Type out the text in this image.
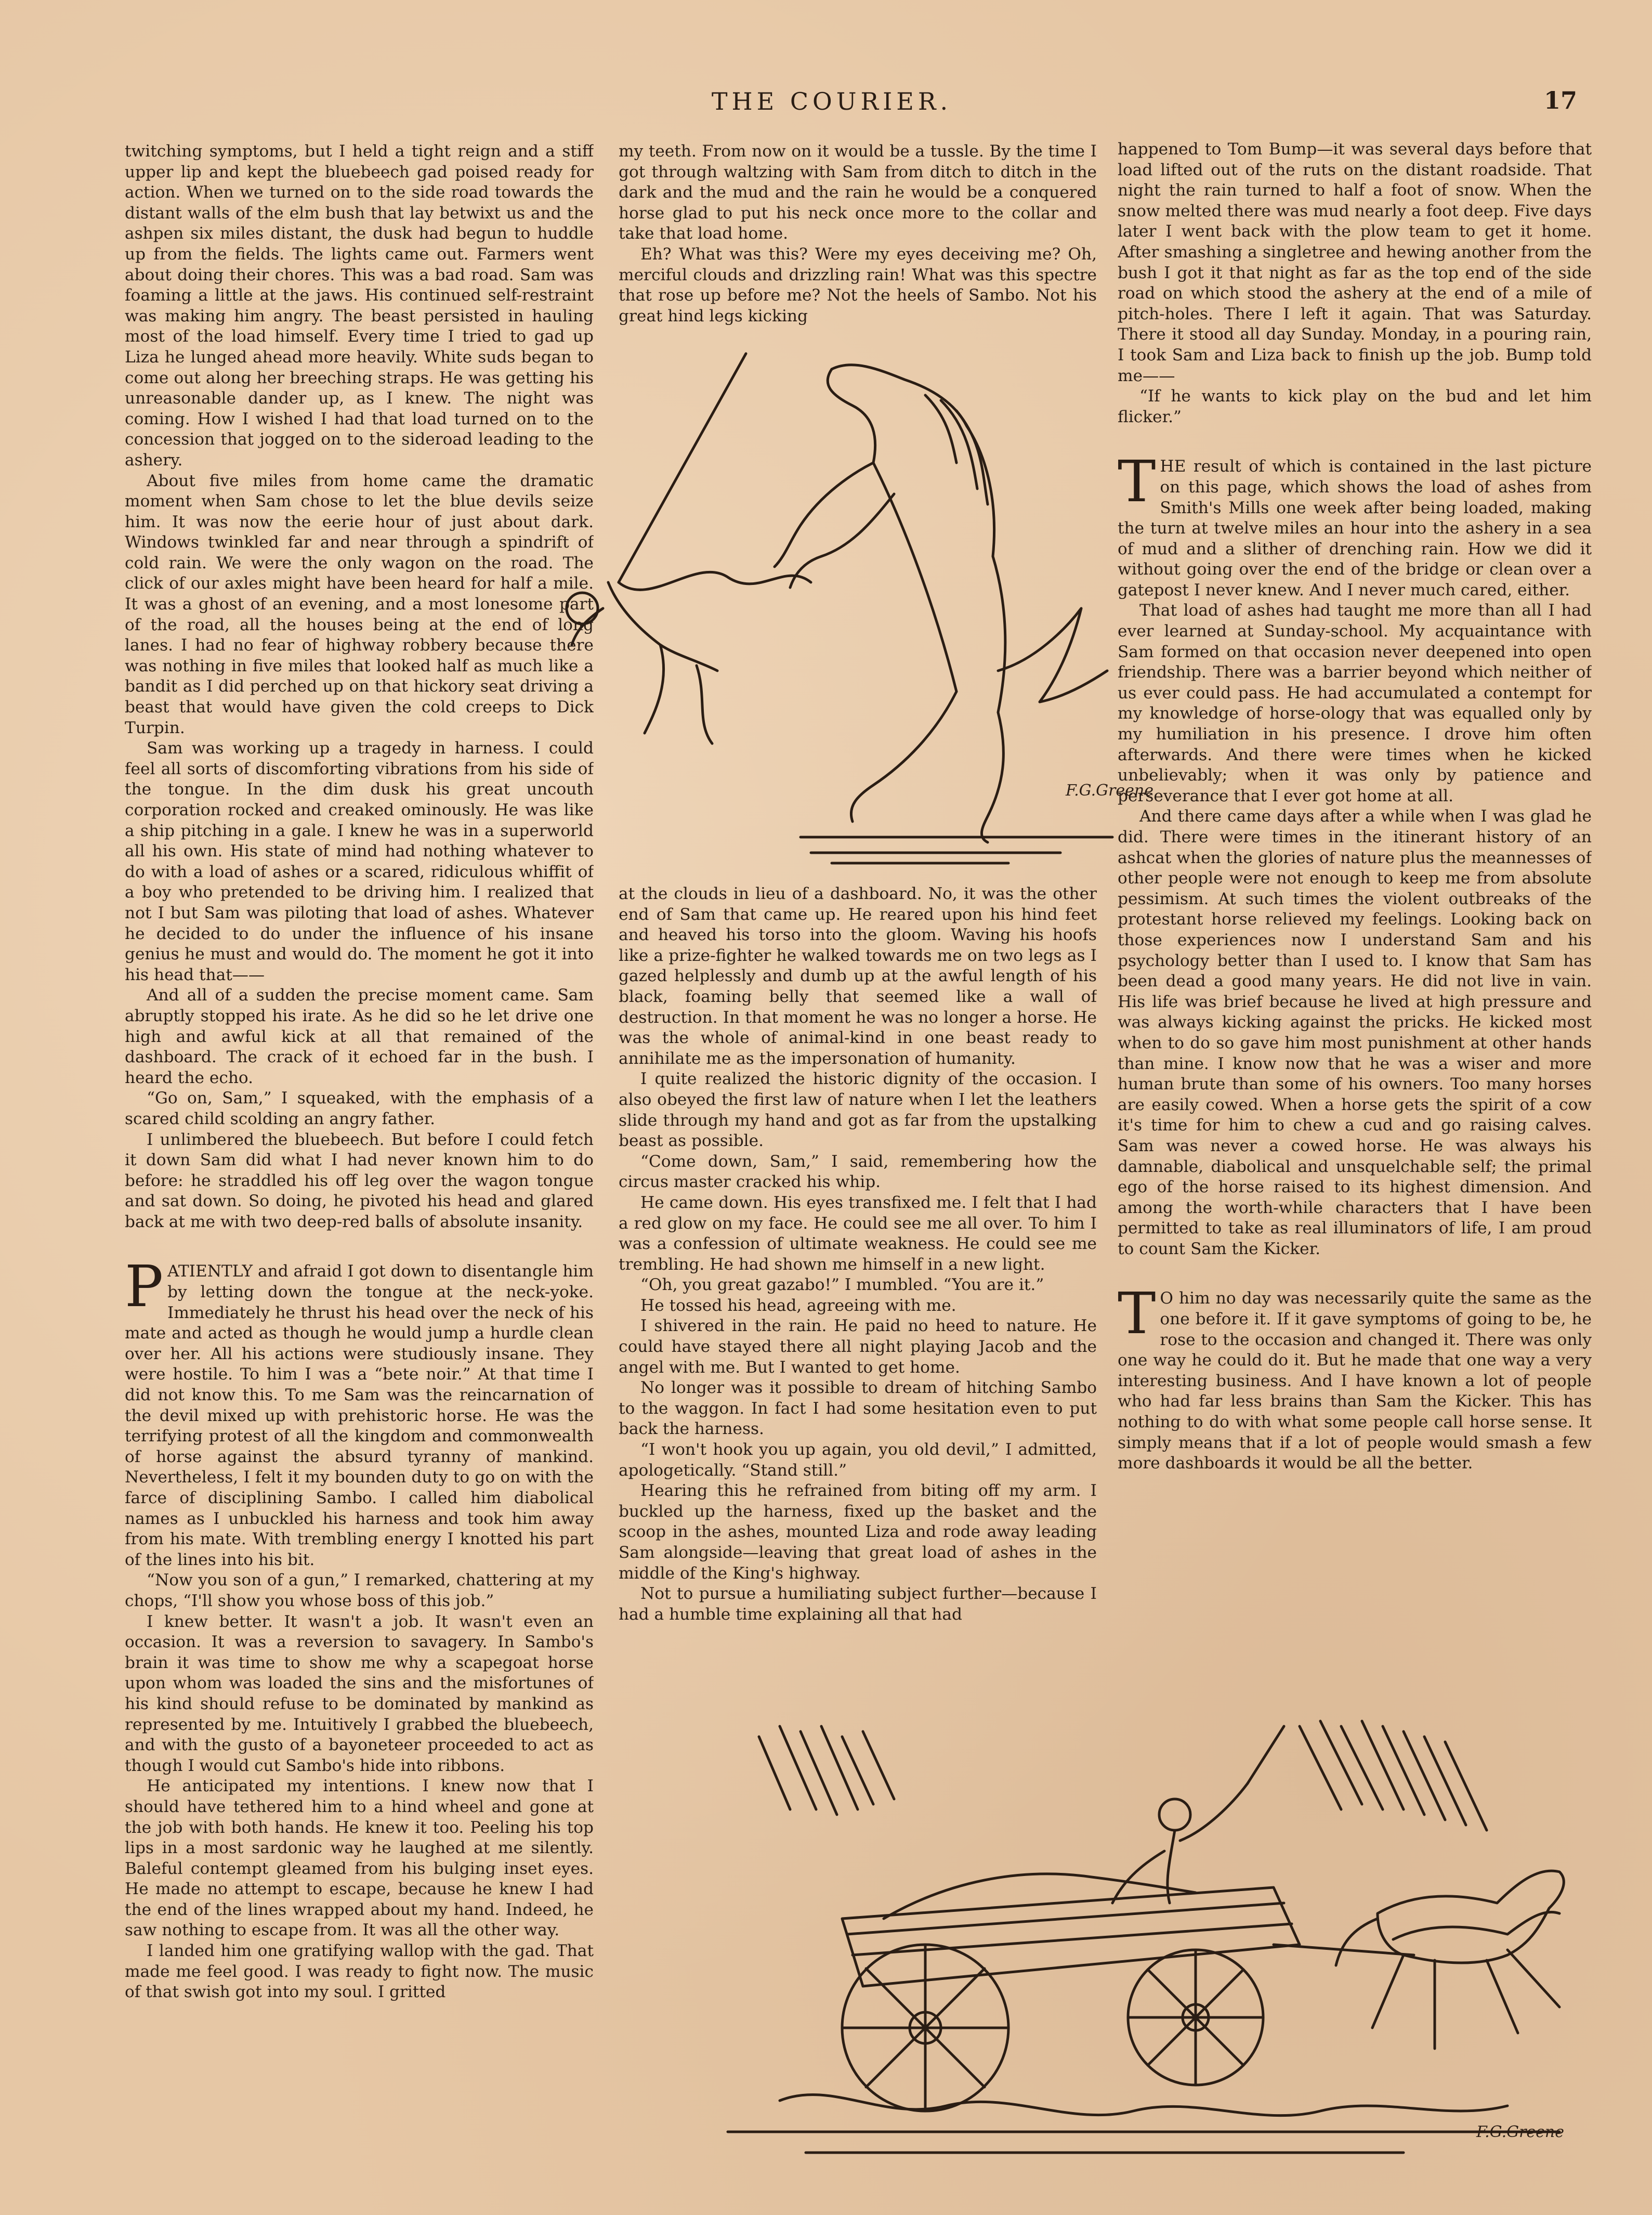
THE COURIER.	17

twitching symptoms, but I held a tight reign and a stiff upper lip and kept the bluebeech gad poised ready for action. When we turned on to the side road towards the distant walls of the elm bush that lay betwixt us and the ashpen six miles distant, the dusk had begun to huddle up from the fields. The lights came out. Farmers went about doing their chores. This was a bad road. Sam was foaming a little at the jaws. His continued self-restraint was making him angry. The beast persisted in hauling most of the load himself. Every time I tried to gad up Liza he lunged ahead more heavily. White suds began to come out along her breeching straps. He was getting his unreasonable dander up, as I knew. The night was coming. How I wished I had that load turned on to the concession that jogged on to the sideroad leading to the ashery.

About five miles from home came the dramatic moment when Sam chose to let the blue devils seize him. It was now the eerie hour of just about dark. Windows twinkled far and near through a spindrift of cold rain. We were the only wagon on the road. The click of our axles might have been heard for half a mile. It was a ghost of an evening, and a most lonesome part of the road, all the houses being at the end of long lanes. I had no fear of highway robbery because there was nothing in five miles that looked half as much like a bandit as I did perched up on that hickory seat driving a beast that would have given the cold creeps to Dick Turpin.

Sam was working up a tragedy in harness. I could feel all sorts of discomforting vibrations from his side of the tongue. In the dim dusk his great uncouth corporation rocked and creaked ominously. He was like a ship pitching in a gale. I knew he was in a superworld all his own. His state of mind had nothing whatever to do with a load of ashes or a scared, ridiculous whiffit of a boy who pretended to be driving him. I realized that not I but Sam was piloting that load of ashes. Whatever he decided to do under the influence of his insane genius he must and would do. The moment he got it into his head that——

And all of a sudden the precise moment came. Sam abruptly stopped his irate. As he did so he let drive one high and awful kick at all that remained of the dashboard. The crack of it echoed far in the bush. I heard the echo.

“Go on, Sam,” I squeaked, with the emphasis of a scared child scolding an angry father.

I unlimbered the bluebeech. But before I could fetch it down Sam did what I had never known him to do before: he straddled his off leg over the wagon tongue and sat down. So doing, he pivoted his head and glared back at me with two deep-red balls of absolute insanity.

PATIENTLY and afraid I got down to disentangle him by letting down the tongue at the neck-yoke. Immediately he thrust his head over the neck of his mate and acted as though he would jump a hurdle clean over her. All his actions were studiously insane. They were hostile. To him I was a “bete noir.” At that time I did not know this. To me Sam was the reincarnation of the devil mixed up with prehistoric horse. He was the terrifying protest of all the kingdom and commonwealth of horse against the absurd tyranny of mankind. Nevertheless, I felt it my bounden duty to go on with the farce of disciplining Sambo. I called him diabolical names as I unbuckled his harness and took him away from his mate. With trembling energy I knotted his part of the lines into his bit.

“Now you son of a gun,” I remarked, chattering at my chops, “I'll show you whose boss of this job.”

I knew better. It wasn't a job. It wasn't even an occasion. It was a reversion to savagery. In Sambo's brain it was time to show me why a scapegoat horse upon whom was loaded the sins and the misfortunes of his kind should refuse to be dominated by mankind as represented by me. Intuitively I grabbed the bluebeech, and with the gusto of a bayoneteer proceeded to act as though I would cut Sambo's hide into ribbons.

He anticipated my intentions. I knew now that I should have tethered him to a hind wheel and gone at the job with both hands. He knew it too. Peeling his top lips in a most sardonic way he laughed at me silently. Baleful contempt gleamed from his bulging inset eyes. He made no attempt to escape, because he knew I had the end of the lines wrapped about my hand. Indeed, he saw nothing to escape from. It was all the other way.

I landed him one gratifying wallop with the gad. That made me feel good. I was ready to fight now. The music of that swish got into my soul. I gritted

my teeth. From now on it would be a tussle. By the time I got through waltzing with Sam from ditch to ditch in the dark and the mud and the rain he would be a conquered horse glad to put his neck once more to the collar and take that load home.

Eh? What was this? Were my eyes deceiving me? Oh, merciful clouds and drizzling rain! What was this spectre that rose up before me? Not the heels of Sambo. Not his great hind legs kicking

F.G.Greene

at the clouds in lieu of a dashboard. No, it was the other end of Sam that came up. He reared upon his hind feet and heaved his torso into the gloom. Waving his hoofs like a prize-fighter he walked towards me on two legs as I gazed helplessly and dumb up at the awful length of his black, foaming belly that seemed like a wall of destruction. In that moment he was no longer a horse. He was the whole of animal-kind in one beast ready to annihilate me as the impersonation of humanity.

I quite realized the historic dignity of the occasion. I also obeyed the first law of nature when I let the leathers slide through my hand and got as far from the upstalking beast as possible.

“Come down, Sam,” I said, remembering how the circus master cracked his whip.

He came down. His eyes transfixed me. I felt that I had a red glow on my face. He could see me all over. To him I was a confession of ultimate weakness. He could see me trembling. He had shown me himself in a new light.

“Oh, you great gazabo!” I mumbled. “You are it.”

He tossed his head, agreeing with me.

I shivered in the rain. He paid no heed to nature. He could have stayed there all night playing Jacob and the angel with me. But I wanted to get home.

No longer was it possible to dream of hitching Sambo to the waggon. In fact I had some hesitation even to put back the harness.

“I won't hook you up again, you old devil,” I admitted, apologetically. “Stand still.”

Hearing this he refrained from biting off my arm. I buckled up the harness, fixed up the basket and the scoop in the ashes, mounted Liza and rode away leading Sam alongside—leaving that great load of ashes in the middle of the King's highway.

Not to pursue a humiliating subject further—because I had a humble time explaining all that had

happened to Tom Bump—it was several days before that load lifted out of the ruts on the distant roadside. That night the rain turned to half a foot of snow. When the snow melted there was mud nearly a foot deep. Five days later I went back with the plow team to get it home. After smashing a singletree and hewing another from the bush I got it that night as far as the top end of the side road on which stood the ashery at the end of a mile of pitch-holes. There I left it again. That was Saturday. There it stood all day Sunday. Monday, in a pouring rain, I took Sam and Liza back to finish up the job. Bump told me——

“If he wants to kick play on the bud and let him flicker.”

THE result of which is contained in the last picture on this page, which shows the load of ashes from Smith's Mills one week after being loaded, making the turn at twelve miles an hour into the ashery in a sea of mud and a slither of drenching rain. How we did it without going over the end of the bridge or clean over a gatepost I never knew. And I never much cared, either.

That load of ashes had taught me more than all I had ever learned at Sunday-school. My acquaintance with Sam formed on that occasion never deepened into open friendship. There was a barrier beyond which neither of us ever could pass. He had accumulated a contempt for my knowledge of horse-ology that was equalled only by my humiliation in his presence. I drove him often afterwards. And there were times when he kicked unbelievably; when it was only by patience and perseverance that I ever got home at all.

And there came days after a while when I was glad he did. There were times in the itinerant history of an ashcat when the glories of nature plus the meannesses of other people were not enough to keep me from absolute pessimism. At such times the violent outbreaks of the protestant horse relieved my feelings. Looking back on those experiences now I understand Sam and his psychology better than I used to. I know that Sam has been dead a good many years. He did not live in vain. His life was brief because he lived at high pressure and was always kicking against the pricks. He kicked most when to do so gave him most punishment at other hands than mine. I know now that he was a wiser and more human brute than some of his owners. Too many horses are easily cowed. When a horse gets the spirit of a cow it's time for him to chew a cud and go raising calves. Sam was never a cowed horse. He was always his damnable, diabolical and unsquelchable self; the primal ego of the horse raised to its highest dimension. And among the worth-while characters that I have been permitted to take as real illuminators of life, I am proud to count Sam the Kicker.

TO him no day was necessarily quite the same as the one before it. If it gave symptoms of going to be, he rose to the occasion and changed it. There was only one way he could do it. But he made that one way a very interesting business. And I have known a lot of people who had far less brains than Sam the Kicker. This has nothing to do with what some people call horse sense. It simply means that if a lot of people would smash a few more dashboards it would be all the better.

F.G.Greene
